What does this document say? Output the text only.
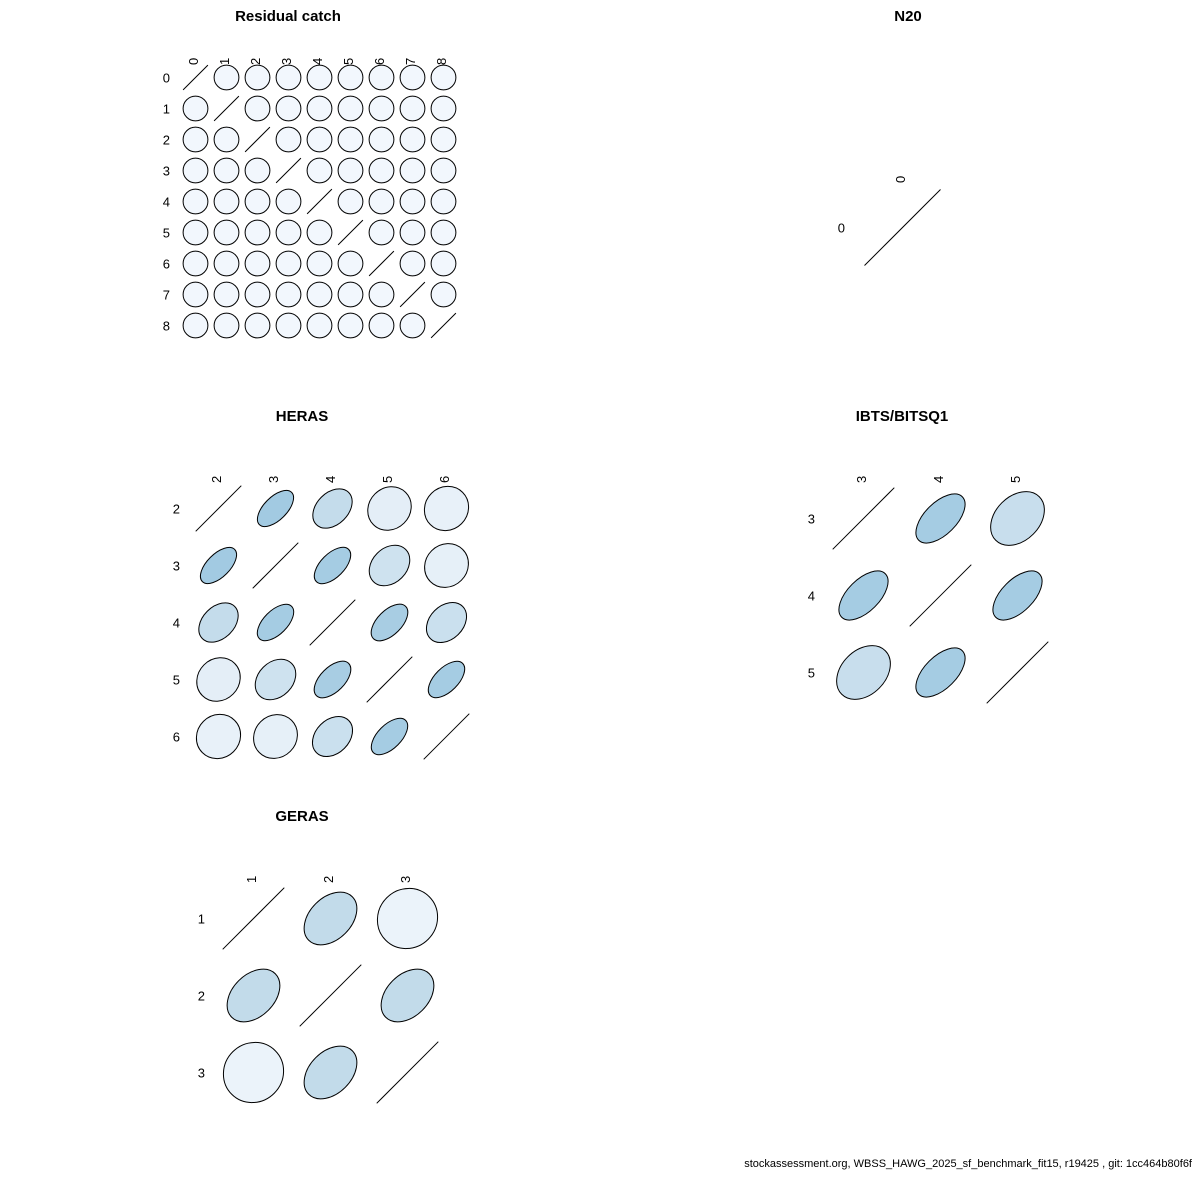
Residual catch
0 1 2 3 4 5 6 7 8
0
1
2
3
4
5
6
7
8
N20
0
0
HERAS
2	3	4	5	6
2
3
4
5
6
IBTS/BITSQ1
3	4	5
3
4
5
GERAS
1	2	3
1
2
3
stockassessment.org, WBSS_HAWG_2025_sf_benchmark_fit15, r19425 , git: 1cc464b80f6f
